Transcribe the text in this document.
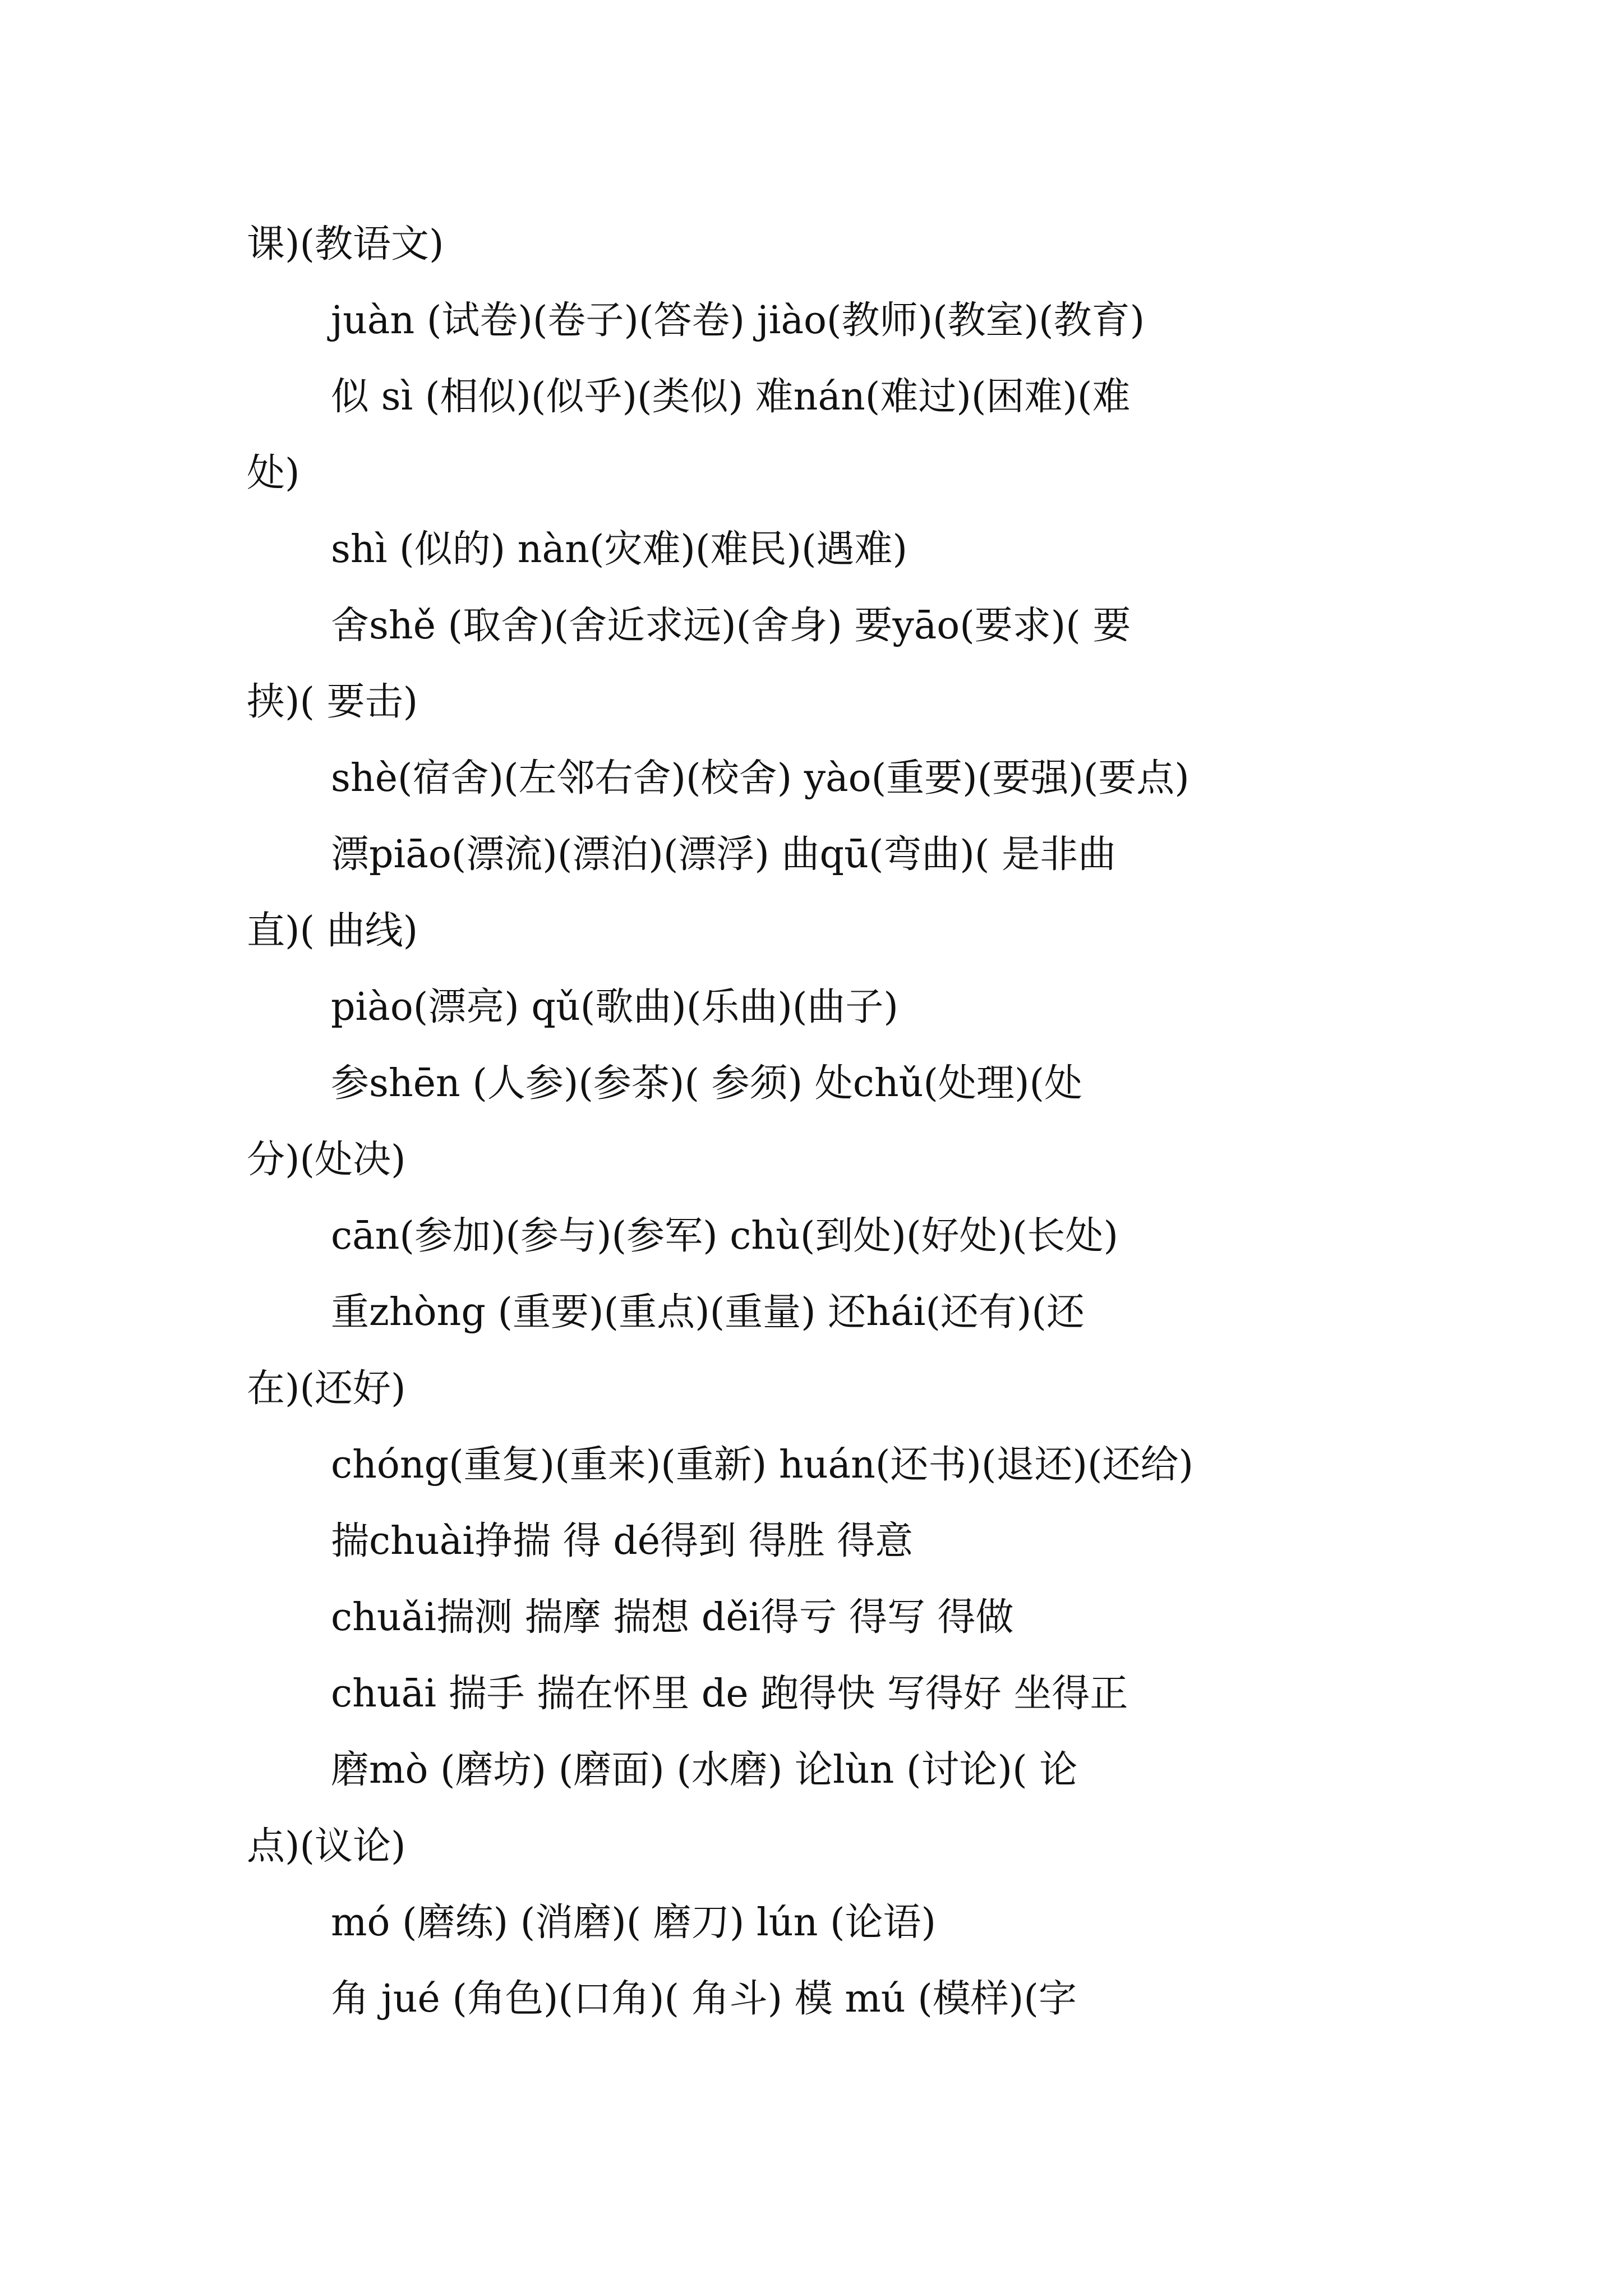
课)(教语文)
juàn (试卷)(卷子)(答卷) jiào(教师)(教室)(教育)
似 sì (相似)(似乎)(类似) 难nán(难过)(困难)(难
处)
shì (似的) nàn(灾难)(难民)(遇难)
舍shě (取舍)(舍近求远)(舍身) 要yāo(要求)( 要
挟)( 要击)
shè(宿舍)(左邻右舍)(校舍) yào(重要)(要强)(要点)
漂piāo(漂流)(漂泊)(漂浮) 曲qū(弯曲)( 是非曲
直)( 曲线)
piào(漂亮) qǔ(歌曲)(乐曲)(曲子)
参shēn (人参)(参茶)( 参须) 处chǔ(处理)(处
分)(处决)
cān(参加)(参与)(参军) chù(到处)(好处)(长处)
重zhòng (重要)(重点)(重量) 还hái(还有)(还
在)(还好)
chóng(重复)(重来)(重新) huán(还书)(退还)(还给)
揣chuài挣揣 得 dé得到 得胜 得意
chuǎi揣测 揣摩 揣想 děi得亏 得写 得做
chuāi 揣手 揣在怀里 de 跑得快 写得好 坐得正
磨mò (磨坊) (磨面) (水磨) 论lùn (讨论)( 论
点)(议论)
mó (磨练) (消磨)( 磨刀) lún (论语)
角 jué (角色)(口角)( 角斗) 模 mú (模样)(字
